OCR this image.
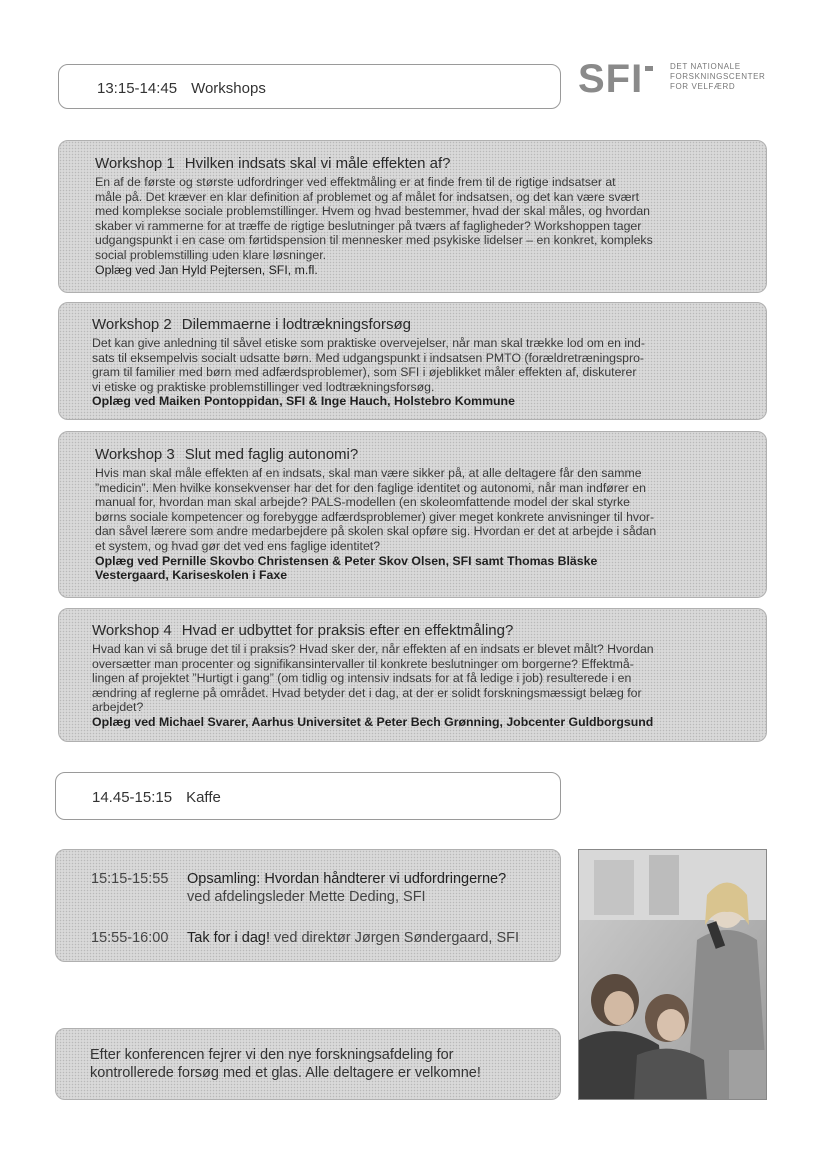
13:15-14:45 Workshops	SFI	DET NATIONALE
FORSKNINGSCENTER
FOR VELFÆRD
Workshop 1 Hvilken indsats skal vi måle effekten af?

En af de første og største udfordringer ved effektmåling er at finde frem til de rigtige indsatser at

måle på. Det kræver en klar definition af problemet og af målet for indsatsen, og det kan være svært

med komplekse sociale problemstillinger. Hvem og hvad bestemmer, hvad der skal måles, og hvordan

skaber vi rammerne for at træffe de rigtige beslutninger på tværs af fagligheder? Workshoppen tager

udgangspunkt i en case om førtidspension til mennesker med psykiske lidelser – en konkret, kompleks

social problemstilling uden klare løsninger.

Oplæg ved Jan Hyld Pejtersen, SFI, m.fl.

Workshop 2 Dilemmaerne i lodtrækningsforsøg

Det kan give anledning til såvel etiske som praktiske overvejelser, når man skal trække lod om en ind-

sats til eksempelvis socialt udsatte børn. Med udgangspunkt i indsatsen PMTO (forældretræningspro-

gram til familier med børn med adfærdsproblemer), som SFI i øjeblikket måler effekten af, diskuterer

vi etiske og praktiske problemstillinger ved lodtrækningsforsøg.

Oplæg ved Maiken Pontoppidan, SFI & Inge Hauch, Holstebro Kommune

Workshop 3 Slut med faglig autonomi?

Hvis man skal måle effekten af en indsats, skal man være sikker på, at alle deltagere får den samme

”medicin”. Men hvilke konsekvenser har det for den faglige identitet og autonomi, når man indfører en

manual for, hvordan man skal arbejde? PALS-modellen (en skoleomfattende model der skal styrke

børns sociale kompetencer og forebygge adfærdsproblemer) giver meget konkrete anvisninger til hvor-

dan såvel lærere som andre medarbejdere på skolen skal opføre sig. Hvordan er det at arbejde i sådan

et system, og hvad gør det ved ens faglige identitet?

Oplæg ved Pernille Skovbo Christensen & Peter Skov Olsen, SFI samt Thomas Bläske

Vestergaard, Kariseskolen i Faxe

Workshop 4 Hvad er udbyttet for praksis efter en effektmåling?

Hvad kan vi så bruge det til i praksis? Hvad sker der, når effekten af en indsats er blevet målt? Hvordan

oversætter man procenter og signifikansintervaller til konkrete beslutninger om borgerne? Effektmå-

lingen af projektet ”Hurtigt i gang” (om tidlig og intensiv indsats for at få ledige i job) resulterede i en

ændring af reglerne på området. Hvad betyder det i dag, at der er solidt forskningsmæssigt belæg for

arbejdet?

Oplæg ved Michael Svarer, Aarhus Universitet & Peter Bech Grønning, Jobcenter Guldborgsund

14.45-15:15 Kaffe
15:15-15:55 Opsamling: Hvordan håndterer vi udfordringerne?
ved afdelingsleder Mette Deding, SFI
15:55-16:00 Tak for i dag! ved direktør Jørgen Søndergaard, SFI
Efter konferencen fejrer vi den nye forskningsafdeling for
kontrollerede forsøg med et glas. Alle deltagere er velkomne!
